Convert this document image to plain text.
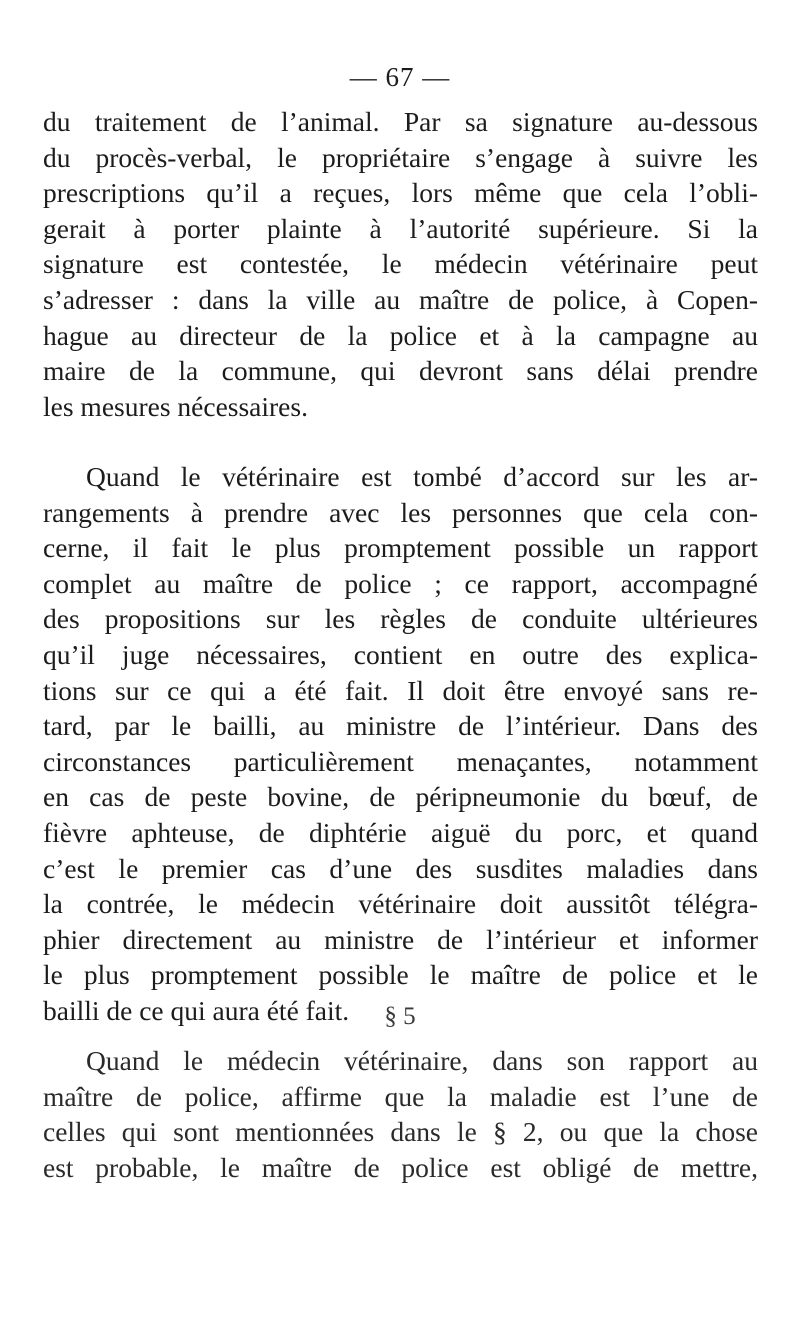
— 67 —
du traitement de l’animal. Par sa signature au-dessous
du procès-verbal, le propriétaire s’engage à suivre les
prescriptions qu’il a reçues, lors même que cela l’obli-
gerait à porter plainte à l’autorité supérieure. Si la
signature est contestée, le médecin vétérinaire peut
s’adresser : dans la ville au maître de police, à Copen-
hague au directeur de la police et à la campagne au
maire de la commune, qui devront sans délai prendre
les mesures nécessaires.
Quand le vétérinaire est tombé d’accord sur les ar-
rangements à prendre avec les personnes que cela con-
cerne, il fait le plus promptement possible un rapport
complet au maître de police ; ce rapport, accompagné
des propositions sur les règles de conduite ultérieures
qu’il juge nécessaires, contient en outre des explica-
tions sur ce qui a été fait. Il doit être envoyé sans re-
tard, par le bailli, au ministre de l’intérieur. Dans des
circonstances particulièrement menaçantes, notamment
en cas de peste bovine, de péripneumonie du bœuf, de
fièvre aphteuse, de diphtérie aiguë du porc, et quand
c’est le premier cas d’une des susdites maladies dans
la contrée, le médecin vétérinaire doit aussitôt télégra-
phier directement au ministre de l’intérieur et informer
le plus promptement possible le maître de police et le
bailli de ce qui aura été fait.	§ 5
Quand le médecin vétérinaire, dans son rapport au
maître de police, affirme que la maladie est l’une de
celles qui sont mentionnées dans le § 2, ou que la chose
est probable, le maître de police est obligé de mettre,
